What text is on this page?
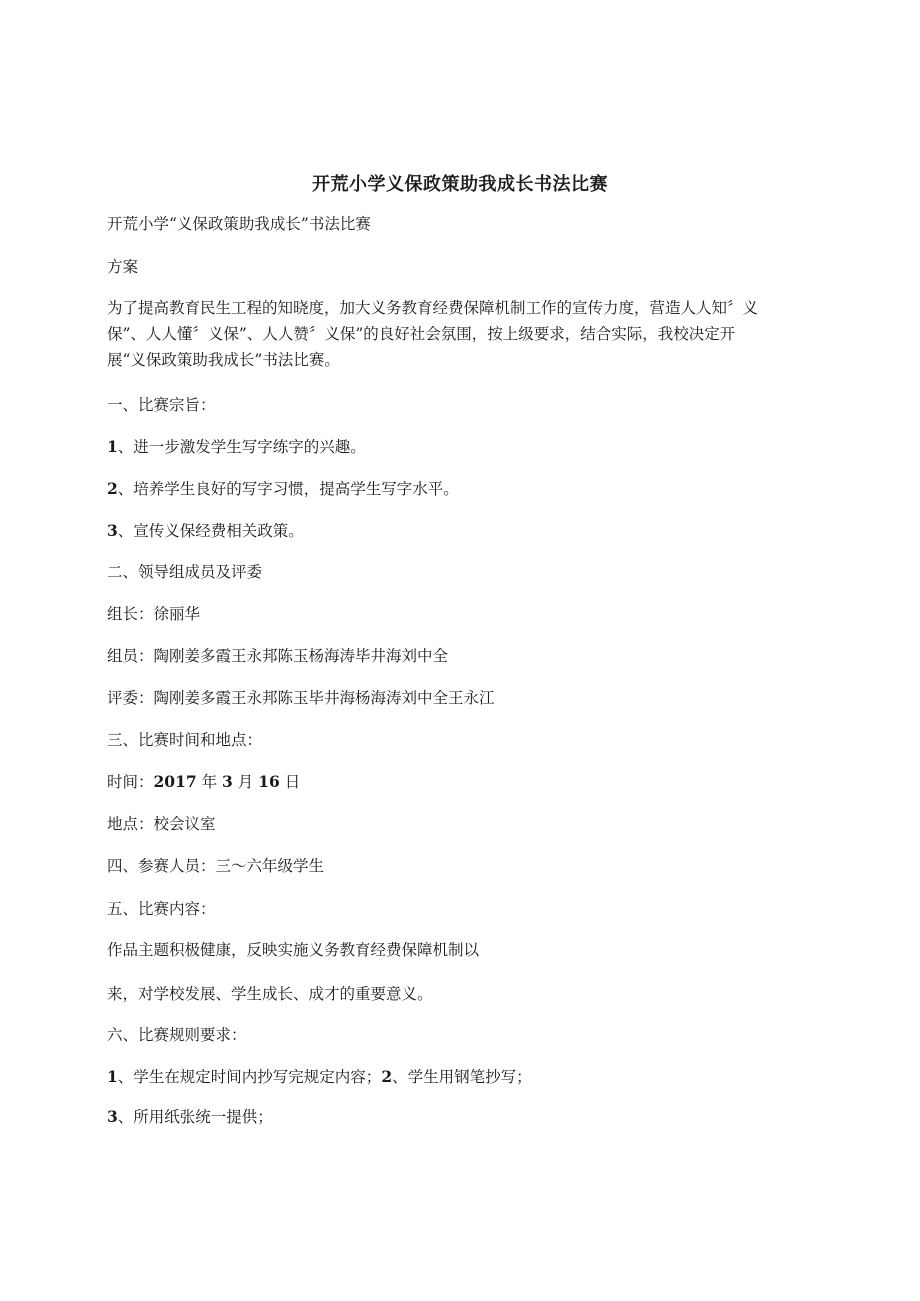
开荒小学义保政策助我成长书法比赛
开荒小学“义保政策助我成长”书法比赛
方案
为了提高教育民生工程的知晓度，加大义务教育经费保障机制工作的宣传力度，营造人人知〞义
保”、人人懂〞义保”、人人赞〞义保”的良好社会氛围，按上级要求，结合实际，我校决定开
展“义保政策助我成长”书法比赛。
一、比赛宗旨：
1、进一步激发学生写字练字的兴趣。
2、培养学生良好的写字习惯，提高学生写字水平。
3、宣传义保经费相关政策。
二、领导组成员及评委
组长：徐丽华
组员：陶刚姜多霞王永邦陈玉杨海涛毕井海刘中全
评委：陶刚姜多霞王永邦陈玉毕井海杨海涛刘中全王永江
三、比赛时间和地点：
时间：2017 年 3 月 16 日
地点：校会议室
四、参赛人员：三〜六年级学生
五、比赛内容：
作品主题积极健康，反映实施义务教育经费保障机制以
来，对学校发展、学生成长、成才的重要意义。
六、比赛规则要求：
1、学生在规定时间内抄写完规定内容；2、学生用钢笔抄写；
3、所用纸张统一提供；
